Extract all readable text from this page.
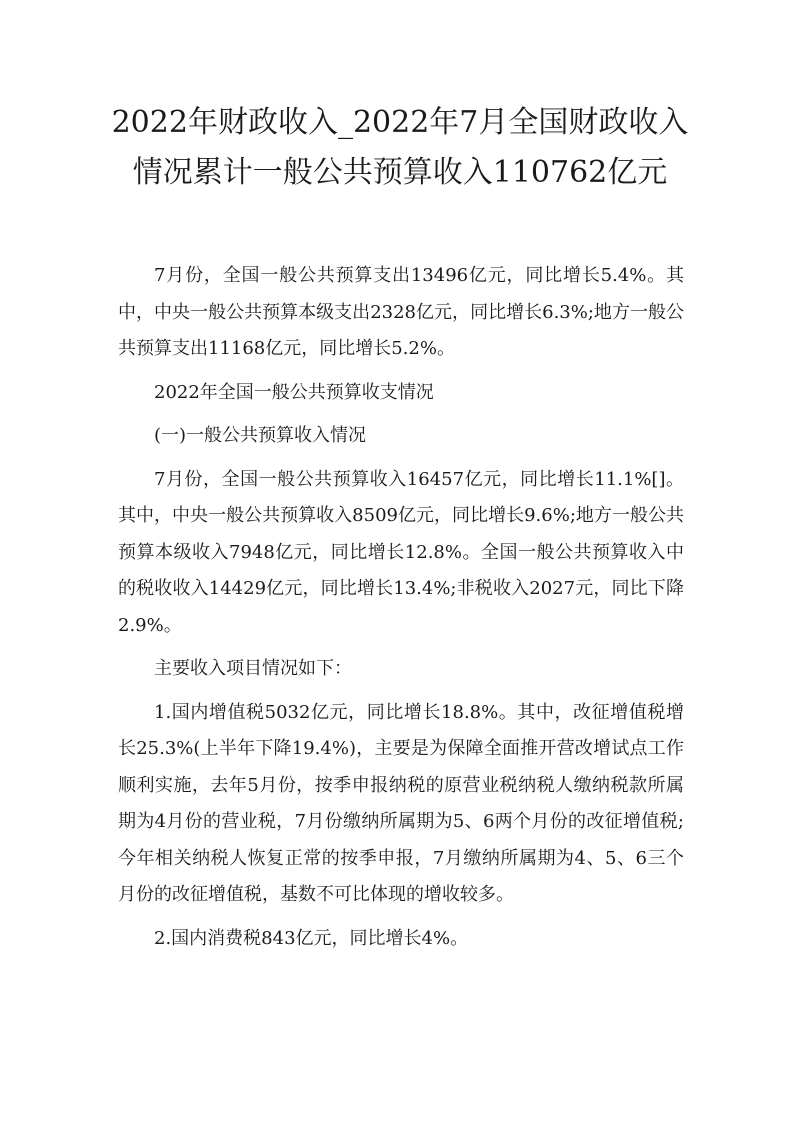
2022年财政收入_2022年7月全国财政收入
情况累计一般公共预算收入110762亿元

7月份，全国一般公共预算支出13496亿元，同比增长5.4%。其中，中央一般公共预算本级支出2328亿元，同比增长6.3%;地方一般公共预算支出11168亿元，同比增长5.2%。

2022年全国一般公共预算收支情况

(一)一般公共预算收入情况

7月份，全国一般公共预算收入16457亿元，同比增长11.1%[]。其中，中央一般公共预算收入8509亿元，同比增长9.6%;地方一般公共预算本级收入7948亿元，同比增长12.8%。全国一般公共预算收入中的税收收入14429亿元，同比增长13.4%;非税收入2027元，同比下降2.9%。

主要收入项目情况如下：

1.国内增值税5032亿元，同比增长18.8%。其中，改征增值税增长25.3%(上半年下降19.4%)，主要是为保障全面推开营改增试点工作顺利实施，去年5月份，按季申报纳税的原营业税纳税人缴纳税款所属期为4月份的营业税，7月份缴纳所属期为5、6两个月份的改征增值税;今年相关纳税人恢复正常的按季申报，7月缴纳所属期为4、5、6三个月份的改征增值税，基数不可比体现的增收较多。

2.国内消费税843亿元，同比增长4%。
